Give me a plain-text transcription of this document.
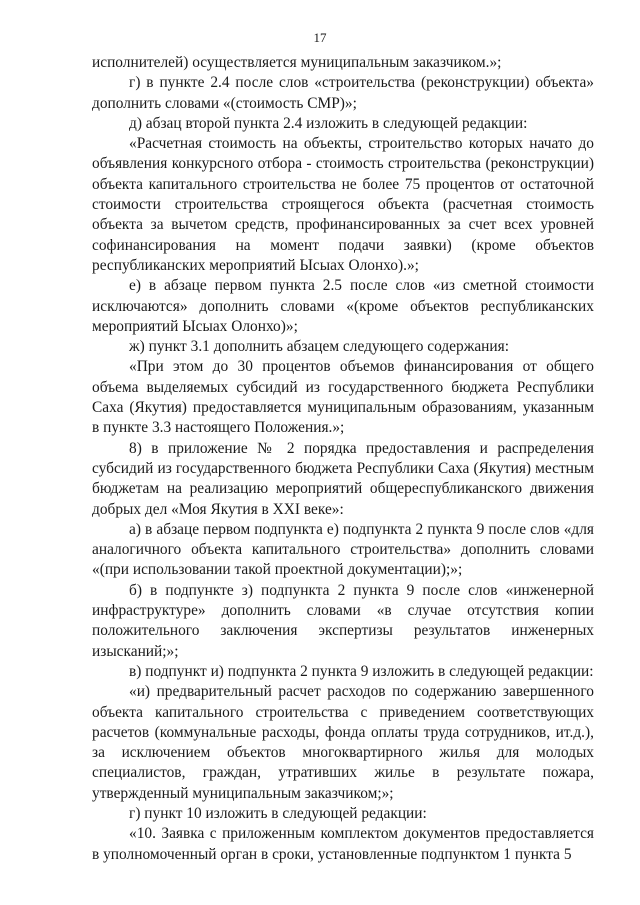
17

исполнителей) осуществляется муниципальным заказчиком.»;

г) в пункте 2.4 после слов «строительства (реконструкции) объекта» дополнить словами «(стоимость СМР)»;

д) абзац второй пункта 2.4 изложить в следующей редакции:

«Расчетная стоимость на объекты, строительство которых начато до объявления конкурсного отбора - стоимость строительства (реконструкции) объекта капитального строительства не более 75 процентов от остаточной стоимости строительства строящегося объекта (расчетная стоимость объекта за вычетом средств, профинансированных за счет всех уровней софинансирования на момент подачи заявки) (кроме объектов республиканских мероприятий Ысыах Олонхо).»;

е) в абзаце первом пункта 2.5 после слов «из сметной стоимости исключаются» дополнить словами «(кроме объектов республиканских мероприятий Ысыах Олонхо)»;

ж) пункт 3.1 дополнить абзацем следующего содержания:

«При этом до 30 процентов объемов финансирования от общего объема выделяемых субсидий из государственного бюджета Республики Саха (Якутия) предоставляется муниципальным образованиям, указанным в пункте 3.3 настоящего Положения.»;

8) в приложение № 2 порядка предоставления и распределения субсидий из государственного бюджета Республики Саха (Якутия) местным бюджетам на реализацию мероприятий общереспубликанского движения добрых дел «Моя Якутия в XXI веке»:

а) в абзаце первом подпункта е) подпункта 2 пункта 9 после слов «для аналогичного объекта капитального строительства» дополнить словами «(при использовании такой проектной документации);»;

б) в подпункте з) подпункта 2 пункта 9 после слов «инженерной инфраструктуре» дополнить словами «в случае отсутствия копии положительного заключения экспертизы результатов инженерных изысканий;»;

в) подпункт и) подпункта 2 пункта 9 изложить в следующей редакции:

«и) предварительный расчет расходов по содержанию завершенного объекта капитального строительства с приведением соответствующих расчетов (коммунальные расходы, фонда оплаты труда сотрудников, ит.д.), за исключением объектов многоквартирного жилья для молодых специалистов, граждан, утративших жилье в результате пожара, утвержденный муниципальным заказчиком;»;

г) пункт 10 изложить в следующей редакции:

«10. Заявка с приложенным комплектом документов предоставляется в уполномоченный орган в сроки, установленные подпунктом 1 пункта 5
